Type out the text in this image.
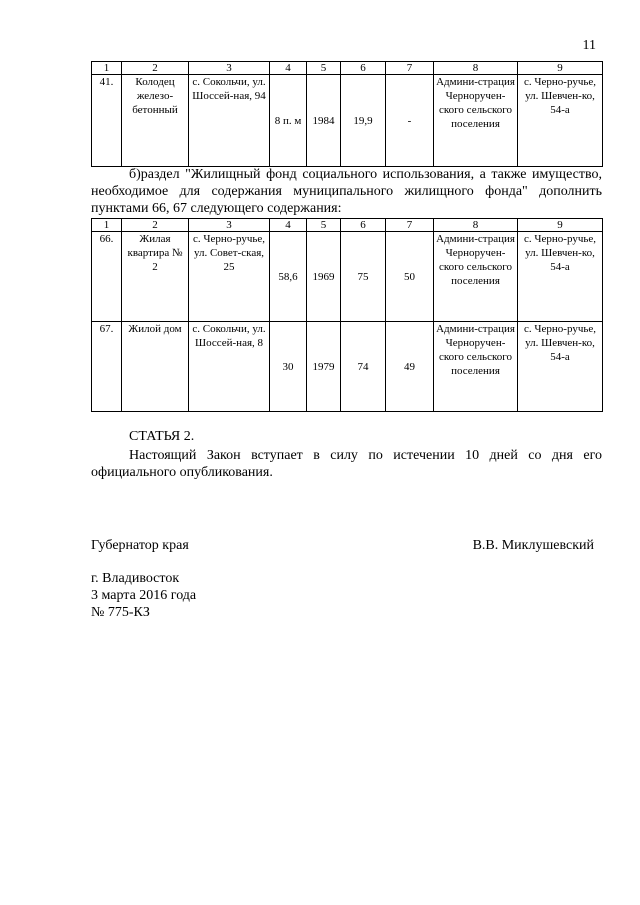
11
1	2	3	4	5	6	7	8	9
41.	Колодец железо-бетонный	с. Сокольчи, ул. Шоссей-ная, 94	8 п. м	1984	19,9	-	Админи-страция Черноручен-ского сельского поселения	с. Черно-ручье, ул. Шевчен-ко, 54-а
б)раздел "Жилищный фонд социального использования, а также имущество, необходимое для содержания муниципального жилищного фонда" дополнить пунктами 66, 67 следующего содержания:
1	2	3	4	5	6	7	8	9
66.	Жилая квартира № 2	с. Черно-ручье, ул. Совет-ская, 25	58,6	1969	75	50	Админи-страция Черноручен-ского сельского поселения	с. Черно-ручье, ул. Шевчен-ко, 54-а
67.	Жилой дом	с. Сокольчи, ул. Шоссей-ная, 8	30	1979	74	49	Админи-страция Черноручен-ского сельского поселения	с. Черно-ручье, ул. Шевчен-ко, 54-а
СТАТЬЯ 2.
Настоящий Закон вступает в силу по истечении 10 дней со дня его официального опубликования.
Губернатор края	В.В. Миклушевский
г. Владивосток
3 марта 2016 года
№ 775-КЗ
